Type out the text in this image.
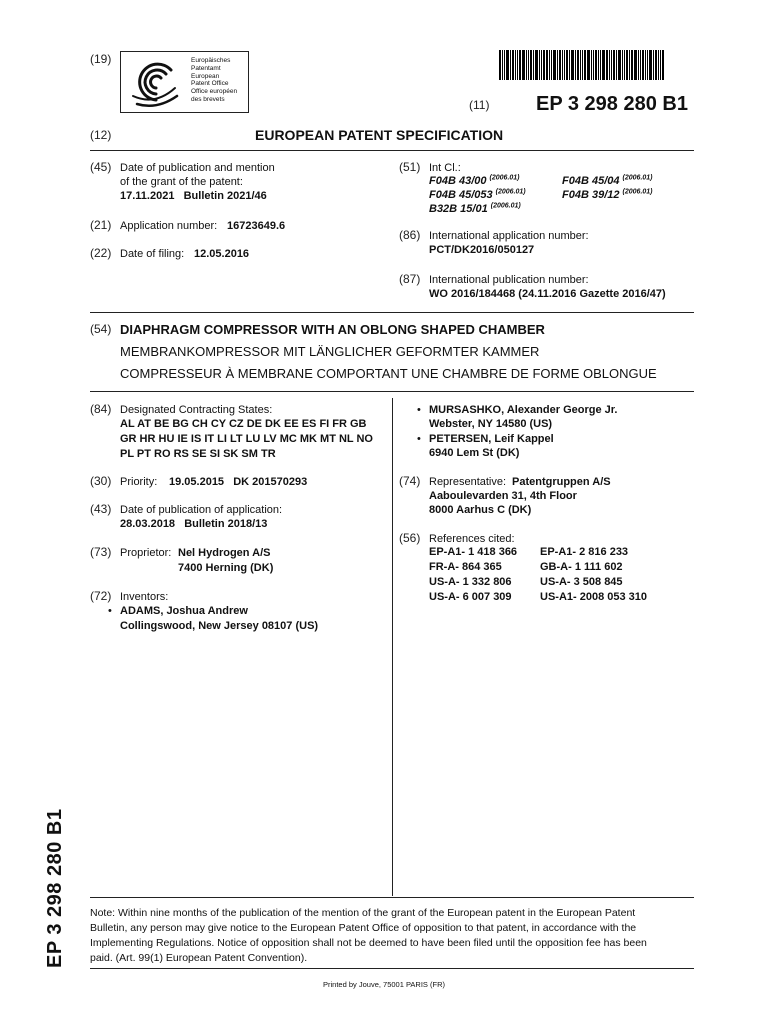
(19)	Europäisches
Patentamt
European
Patent Office
Office européen
des brevets	(11) EP 3 298 280 B1
(12)	EUROPEAN PATENT SPECIFICATION
(45) Date of publication and mention
of the grant of the patent:
17.11.2021   Bulletin 2021/46
(21) Application number: 16723649.6
(22) Date of filing: 12.05.2016
(51) Int Cl.:
F04B 43/00 $^{(2006.01)}$	F04B 45/04 $^{(2006.01)}$
F04B 45/053 $^{(2006.01)}$	F04B 39/12 $^{(2006.01)}$
B32B 15/01 $^{(2006.01)}$
(86) International application number:
PCT/DK2016/050127
(87) International publication number:
WO 2016/184468 (24.11.2016 Gazette 2016/47)
(54) DIAPHRAGM COMPRESSOR WITH AN OBLONG SHAPED CHAMBER
MEMBRANKOMPRESSOR MIT LÄNGLICHER GEFORMTER KAMMER
COMPRESSEUR À MEMBRANE COMPORTANT UNE CHAMBRE DE FORME OBLONGUE
(84) Designated Contracting States:
AL AT BE BG CH CY CZ DE DK EE ES FI FR GB
GR HR HU IE IS IT LI LT LU LV MC MK MT NL NO
PL PT RO RS SE SI SK SM TR
(30) Priority: 19.05.2015   DK 201570293
(43) Date of publication of application:
28.03.2018   Bulletin 2018/13
(73) Proprietor: Nel Hydrogen A/S
7400 Herning (DK)
(72) Inventors:
• ADAMS, Joshua Andrew
Collingswood, New Jersey 08107 (US)
• MURSASHKO, Alexander George Jr.
Webster, NY 14580 (US)
• PETERSEN, Leif Kappel
6940 Lem St (DK)
(74) Representative: Patentgruppen A/S
Aaboulevarden 31, 4th Floor
8000 Aarhus C (DK)
(56) References cited:
EP-A1- 1 418 366	EP-A1- 2 816 233
FR-A- 864 365	GB-A- 1 111 602
US-A- 1 332 806	US-A- 3 508 845
US-A- 6 007 309	US-A1- 2008 053 310
Note: Within nine months of the publication of the mention of the grant of the European patent in the European Patent
Bulletin, any person may give notice to the European Patent Office of opposition to that patent, in accordance with the
Implementing Regulations. Notice of opposition shall not be deemed to have been filed until the opposition fee has been
paid. (Art. 99(1) European Patent Convention).
Printed by Jouve, 75001 PARIS (FR)
EP 3 298 280 B1
